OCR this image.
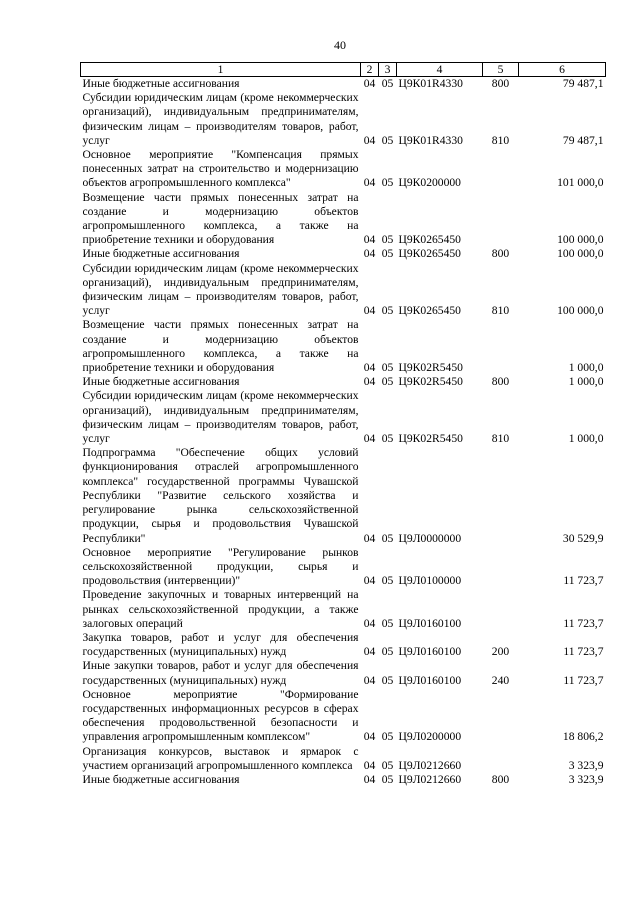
40
1	2	3	4	5	6
Иные бюджетные ассигнования	04	05	Ц9К01R4330	800	79 487,1
Субсидии юридическим лицам (кроме некоммерческих организаций), индивидуальным предпринимателям, физическим лицам – производителям товаров, работ, услуг	04	05	Ц9К01R4330	810	79 487,1
Основное мероприятие "Компенсация прямых понесенных затрат на строительство и модернизацию объектов агропромышленного комплекса"	04	05	Ц9К0200000		101 000,0
Возмещение части прямых понесенных затрат на создание и модернизацию объектов агропромышленного комплекса, а также на приобретение техники и оборудования	04	05	Ц9К0265450		100 000,0
Иные бюджетные ассигнования	04	05	Ц9К0265450	800	100 000,0
Субсидии юридическим лицам (кроме некоммерческих организаций), индивидуальным предпринимателям, физическим лицам – производителям товаров, работ, услуг	04	05	Ц9К0265450	810	100 000,0
Возмещение части прямых понесенных затрат на создание и модернизацию объектов агропромышленного комплекса, а также на приобретение техники и оборудования	04	05	Ц9К02R5450		1 000,0
Иные бюджетные ассигнования	04	05	Ц9К02R5450	800	1 000,0
Субсидии юридическим лицам (кроме некоммерческих организаций), индивидуальным предпринимателям, физическим лицам – производителям товаров, работ, услуг	04	05	Ц9К02R5450	810	1 000,0
Подпрограмма "Обеспечение общих условий функционирования отраслей агропромышленного комплекса" государственной программы Чувашской Республики "Развитие сельского хозяйства и регулирование рынка сельскохозяйственной продукции, сырья и продовольствия Чувашской Республики"	04	05	Ц9Л0000000		30 529,9
Основное мероприятие "Регулирование рынков сельскохозяйственной продукции, сырья и продовольствия (интервенции)"	04	05	Ц9Л0100000		11 723,7
Проведение закупочных и товарных интервенций на рынках сельскохозяйственной продукции, а также залоговых операций	04	05	Ц9Л0160100		11 723,7
Закупка товаров, работ и услуг для обеспечения государственных (муниципальных) нужд	04	05	Ц9Л0160100	200	11 723,7
Иные закупки товаров, работ и услуг для обеспечения государственных (муниципальных) нужд	04	05	Ц9Л0160100	240	11 723,7
Основное мероприятие "Формирование государственных информационных ресурсов в сферах обеспечения продовольственной безопасности и управления агропромышленным комплексом"	04	05	Ц9Л0200000		18 806,2
Организация конкурсов, выставок и ярмарок с участием организаций агропромышленного комплекса	04	05	Ц9Л0212660		3 323,9
Иные бюджетные ассигнования	04	05	Ц9Л0212660	800	3 323,9
